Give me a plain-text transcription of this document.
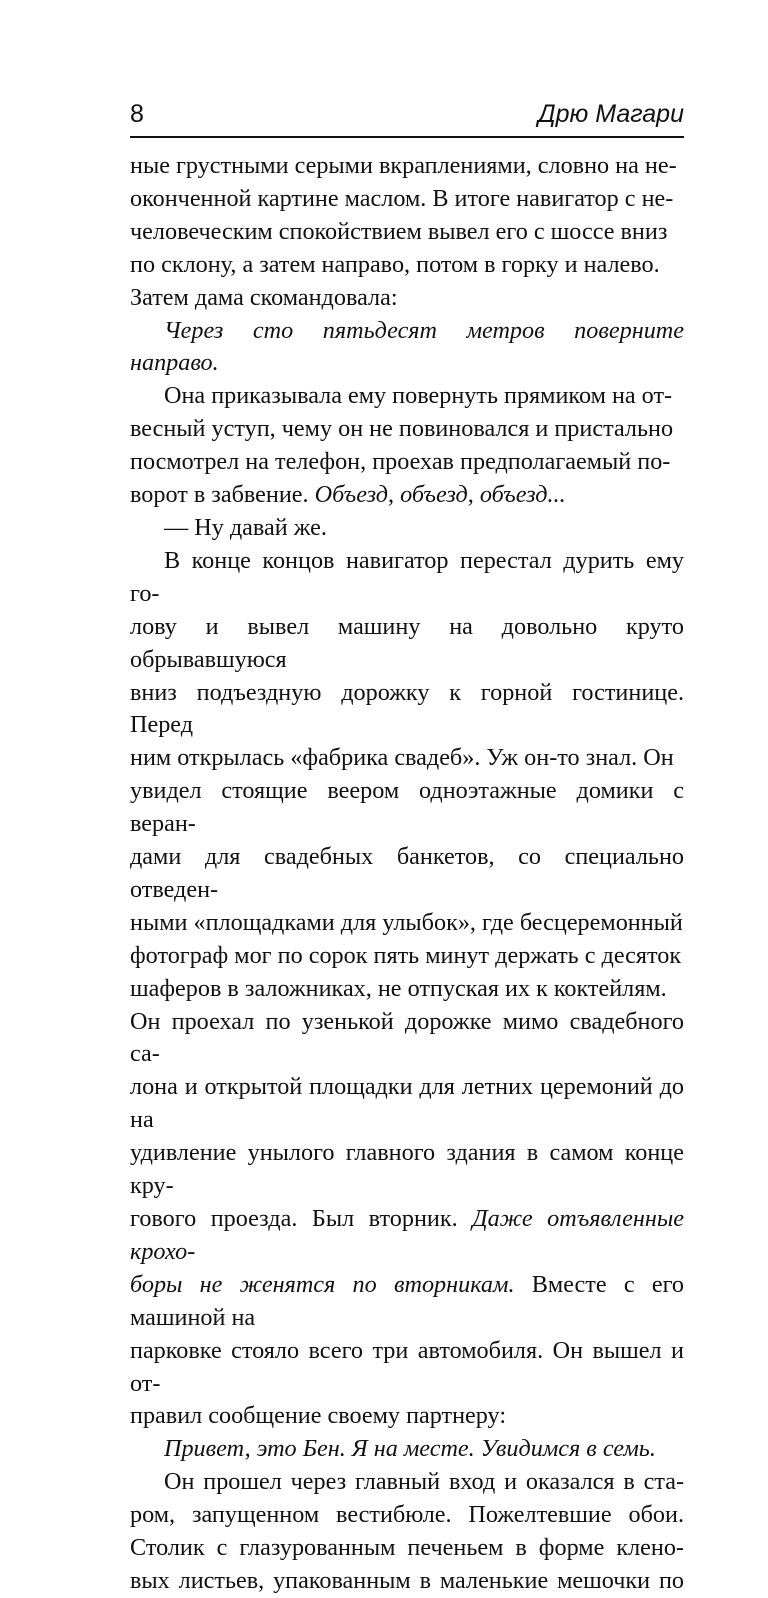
8	Дрю Магари

ные грустными серыми вкраплениями, словно на не-
оконченной картине маслом. В итоге навигатор с не-
человеческим спокойствием вывел его с шоссе вниз
по склону, а затем направо, потом в горку и налево.
Затем дама скомандовала:

Через сто пятьдесят метров поверните направо.

Она приказывала ему повернуть прямиком на от-
весный уступ, чему он не повиновался и пристально
посмотрел на телефон, проехав предполагаемый по-
ворот в забвение. Объезд, объезд, объезд...

— Ну давай же.

В конце концов навигатор перестал дурить ему го-
лову и вывел машину на довольно круто обрывавшуюся
вниз подъездную дорожку к горной гостинице. Перед
ним открылась «фабрика свадеб». Уж он-то знал. Он
увидел стоящие веером одноэтажные домики с веран-
дами для свадебных банкетов, со специально отведен-
ными «площадками для улыбок», где бесцеремонный
фотограф мог по сорок пять минут держать с десяток
шаферов в заложниках, не отпуская их к коктейлям.
Он проехал по узенькой дорожке мимо свадебного са-
лона и открытой площадки для летних церемоний до на
удивление унылого главного здания в самом конце кру-
гового проезда. Был вторник. Даже отъявленные крохо-
боры не женятся по вторникам. Вместе с его машиной на
парковке стояло всего три автомобиля. Он вышел и от-
правил сообщение своему партнеру:

Привет, это Бен. Я на месте. Увидимся в семь.

Он прошел через главный вход и оказался в ста-
ром, запущенном вестибюле. Пожелтевшие обои.
Столик с глазурованным печеньем в форме клено-
вых листьев, упакованным в маленькие мешочки по
